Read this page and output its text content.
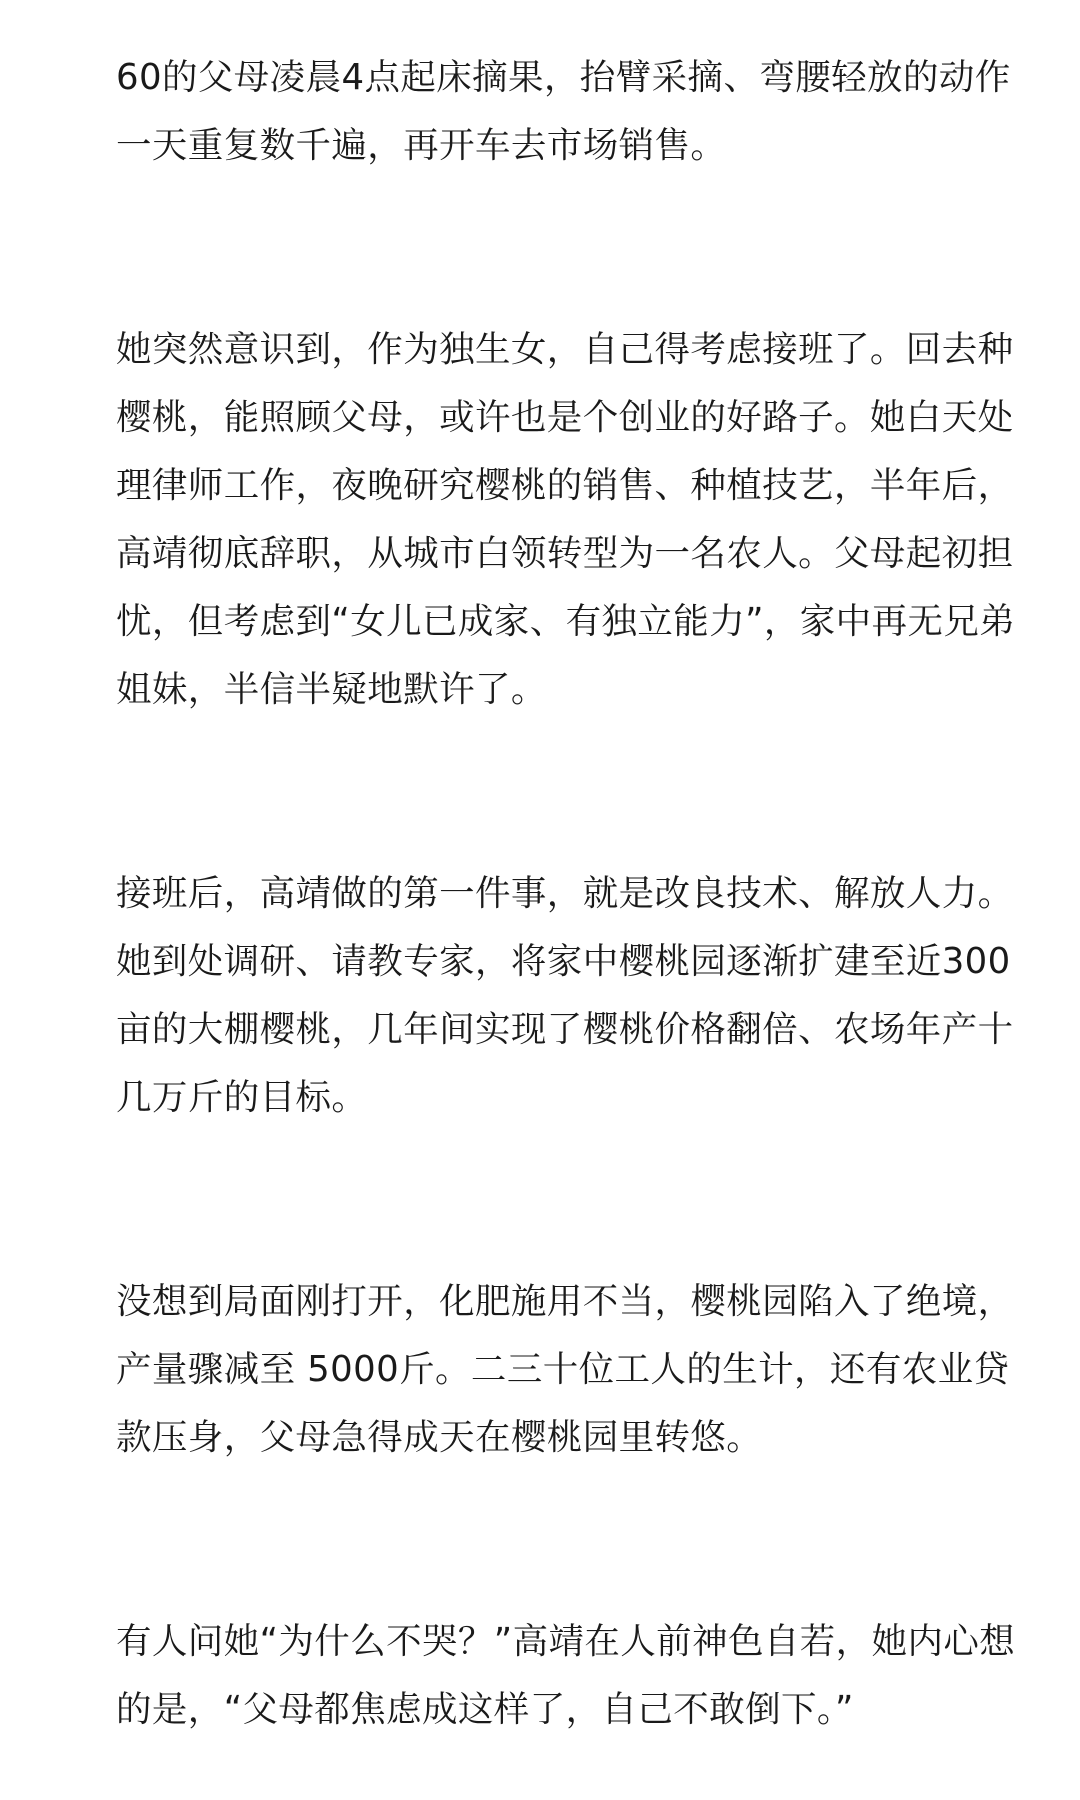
60的父母凌晨4点起床摘果，抬臂采摘、弯腰轻放的动作一天重复数千遍，再开车去市场销售。

她突然意识到，作为独生女，自己得考虑接班了。回去种樱桃，能照顾父母，或许也是个创业的好路子。她白天处理律师工作，夜晚研究樱桃的销售、种植技艺，半年后，高靖彻底辞职，从城市白领转型为一名农人。父母起初担忧，但考虑到“女儿已成家、有独立能力”，家中再无兄弟姐妹，半信半疑地默许了。

接班后，高靖做的第一件事，就是改良技术、解放人力。她到处调研、请教专家，将家中樱桃园逐渐扩建至近300亩的大棚樱桃，几年间实现了樱桃价格翻倍、农场年产十几万斤的目标。

没想到局面刚打开，化肥施用不当，樱桃园陷入了绝境，产量骤减至 5000斤。二三十位工人的生计，还有农业贷款压身，父母急得成天在樱桃园里转悠。

有人问她“为什么不哭？”高靖在人前神色自若，她内心想的是，“父母都焦虑成这样了，自己不敢倒下。”
